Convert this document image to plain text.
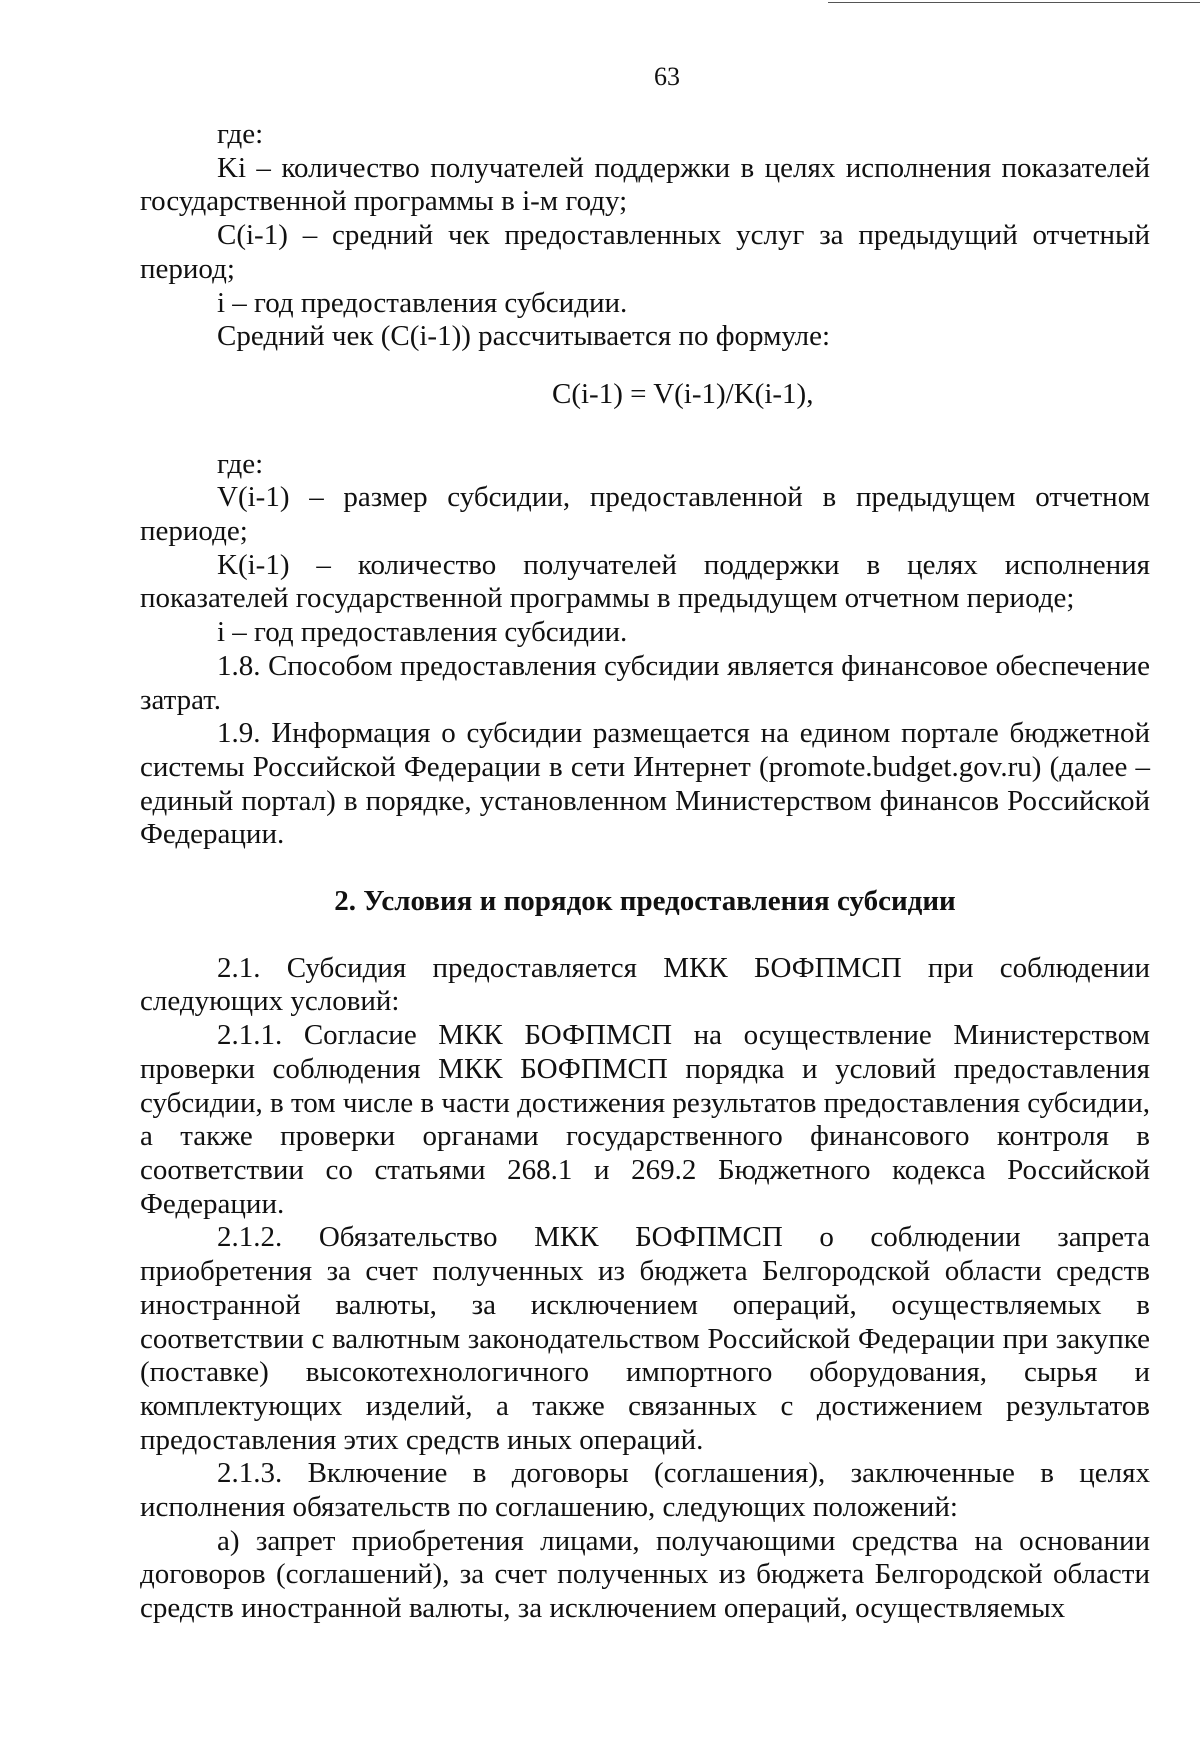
63

где:

Ki – количество получателей поддержки в целях исполнения показателей государственной программы в i-м году;

C(i-1) – средний чек предоставленных услуг за предыдущий отчетный период;

i – год предоставления субсидии.

Средний чек (C(i-1)) рассчитывается по формуле:

C(i-1) = V(i-1)/K(i-1),

где:

V(i-1) – размер субсидии, предоставленной в предыдущем отчетном периоде;

K(i-1) – количество получателей поддержки в целях исполнения показателей государственной программы в предыдущем отчетном периоде;

i – год предоставления субсидии.

1.8. Способом предоставления субсидии является финансовое обеспечение затрат.

1.9. Информация о субсидии размещается на едином портале бюджетной системы Российской Федерации в сети Интернет (promote.budget.gov.ru) (далее – единый портал) в порядке, установленном Министерством финансов Российской Федерации.

2. Условия и порядок предоставления субсидии

2.1. Субсидия предоставляется МКК БОФПМСП при соблюдении следующих условий:

2.1.1. Согласие МКК БОФПМСП на осуществление Министерством проверки соблюдения МКК БОФПМСП порядка и условий предоставления субсидии, в том числе в части достижения результатов предоставления субсидии, а также проверки органами государственного финансового контроля в соответствии со статьями 268.1 и 269.2 Бюджетного кодекса Российской Федерации.

2.1.2. Обязательство МКК БОФПМСП о соблюдении запрета приобретения за счет полученных из бюджета Белгородской области средств иностранной валюты, за исключением операций, осуществляемых в соответствии с валютным законодательством Российской Федерации при закупке (поставке) высокотехнологичного импортного оборудования, сырья и комплектующих изделий, а также связанных с достижением результатов предоставления этих средств иных операций.

2.1.3. Включение в договоры (соглашения), заключенные в целях исполнения обязательств по соглашению, следующих положений:

а) запрет приобретения лицами, получающими средства на основании договоров (соглашений), за счет полученных из бюджета Белгородской области средств иностранной валюты, за исключением операций, осуществляемых
